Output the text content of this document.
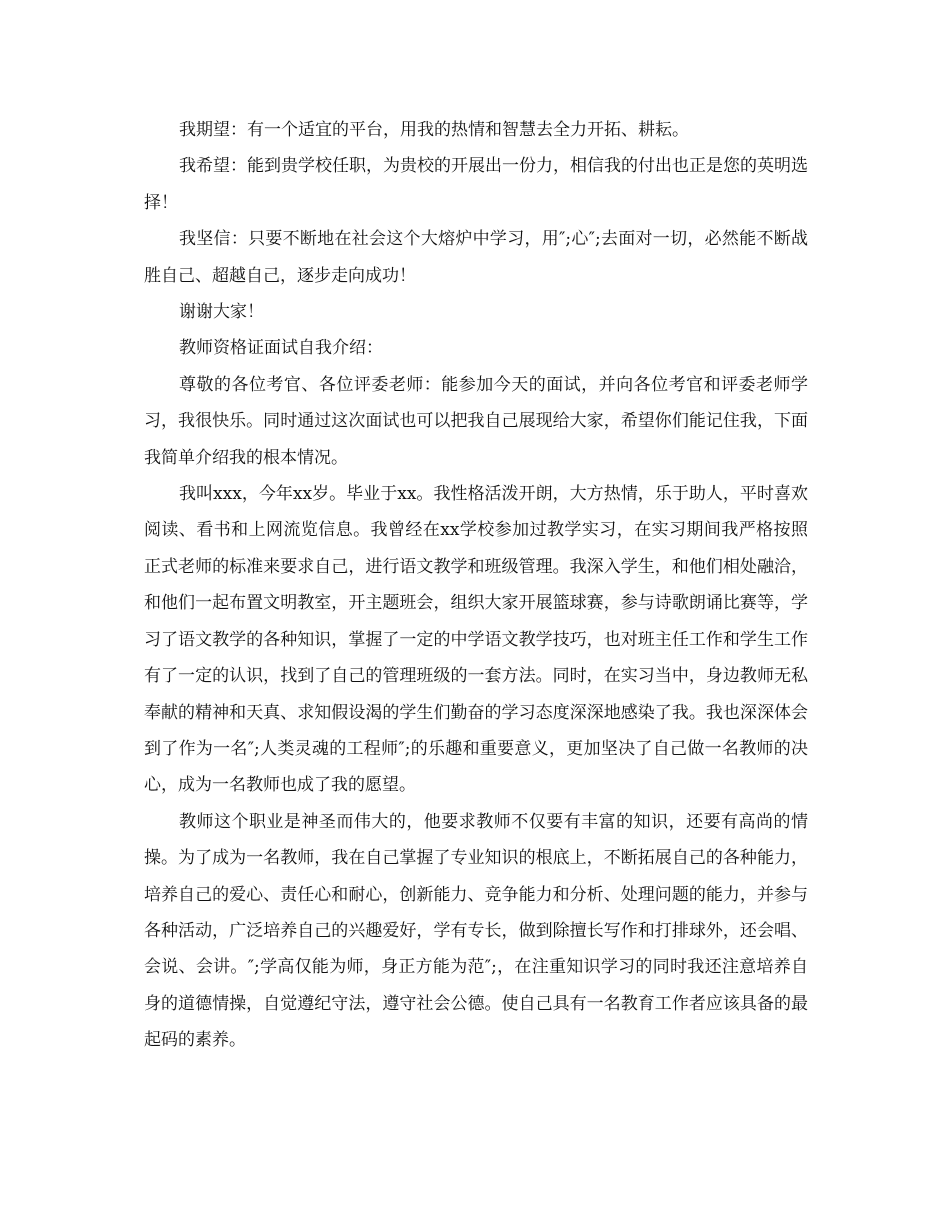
我期望：有一个适宜的平台，用我的热情和智慧去全力开拓、耕耘。

我希望：能到贵学校任职，为贵校的开展出一份力，相信我的付出也正是您的英明选择！

我坚信：只要不断地在社会这个大熔炉中学习，用″;心″;去面对一切，必然能不断战胜自己、超越自己，逐步走向成功！

谢谢大家！

教师资格证面试自我介绍：

尊敬的各位考官、各位评委老师：能参加今天的面试，并向各位考官和评委老师学习，我很快乐。同时通过这次面试也可以把我自己展现给大家，希望你们能记住我，下面我简单介绍我的根本情况。

我叫xxx，今年xx岁。毕业于xx。我性格活泼开朗，大方热情，乐于助人，平时喜欢阅读、看书和上网流览信息。我曾经在xx学校参加过教学实习，在实习期间我严格按照正式老师的标准来要求自己，进行语文教学和班级管理。我深入学生，和他们相处融洽，和他们一起布置文明教室，开主题班会，组织大家开展篮球赛，参与诗歌朗诵比赛等，学习了语文教学的各种知识，掌握了一定的中学语文教学技巧，也对班主任工作和学生工作有了一定的认识，找到了自己的管理班级的一套方法。同时，在实习当中，身边教师无私奉献的精神和天真、求知假设渴的学生们勤奋的学习态度深深地感染了我。我也深深体会到了作为一名″;人类灵魂的工程师″;的乐趣和重要意义，更加坚决了自己做一名教师的决心，成为一名教师也成了我的愿望。

教师这个职业是神圣而伟大的，他要求教师不仅要有丰富的知识，还要有高尚的情操。为了成为一名教师，我在自己掌握了专业知识的根底上，不断拓展自己的各种能力，培养自己的爱心、责任心和耐心，创新能力、竞争能力和分析、处理问题的能力，并参与各种活动，广泛培养自己的兴趣爱好，学有专长，做到除擅长写作和打排球外，还会唱、会说、会讲。″;学高仅能为师，身正方能为范″;，在注重知识学习的同时我还注意培养自身的道德情操，自觉遵纪守法，遵守社会公德。使自己具有一名教育工作者应该具备的最起码的素养。
